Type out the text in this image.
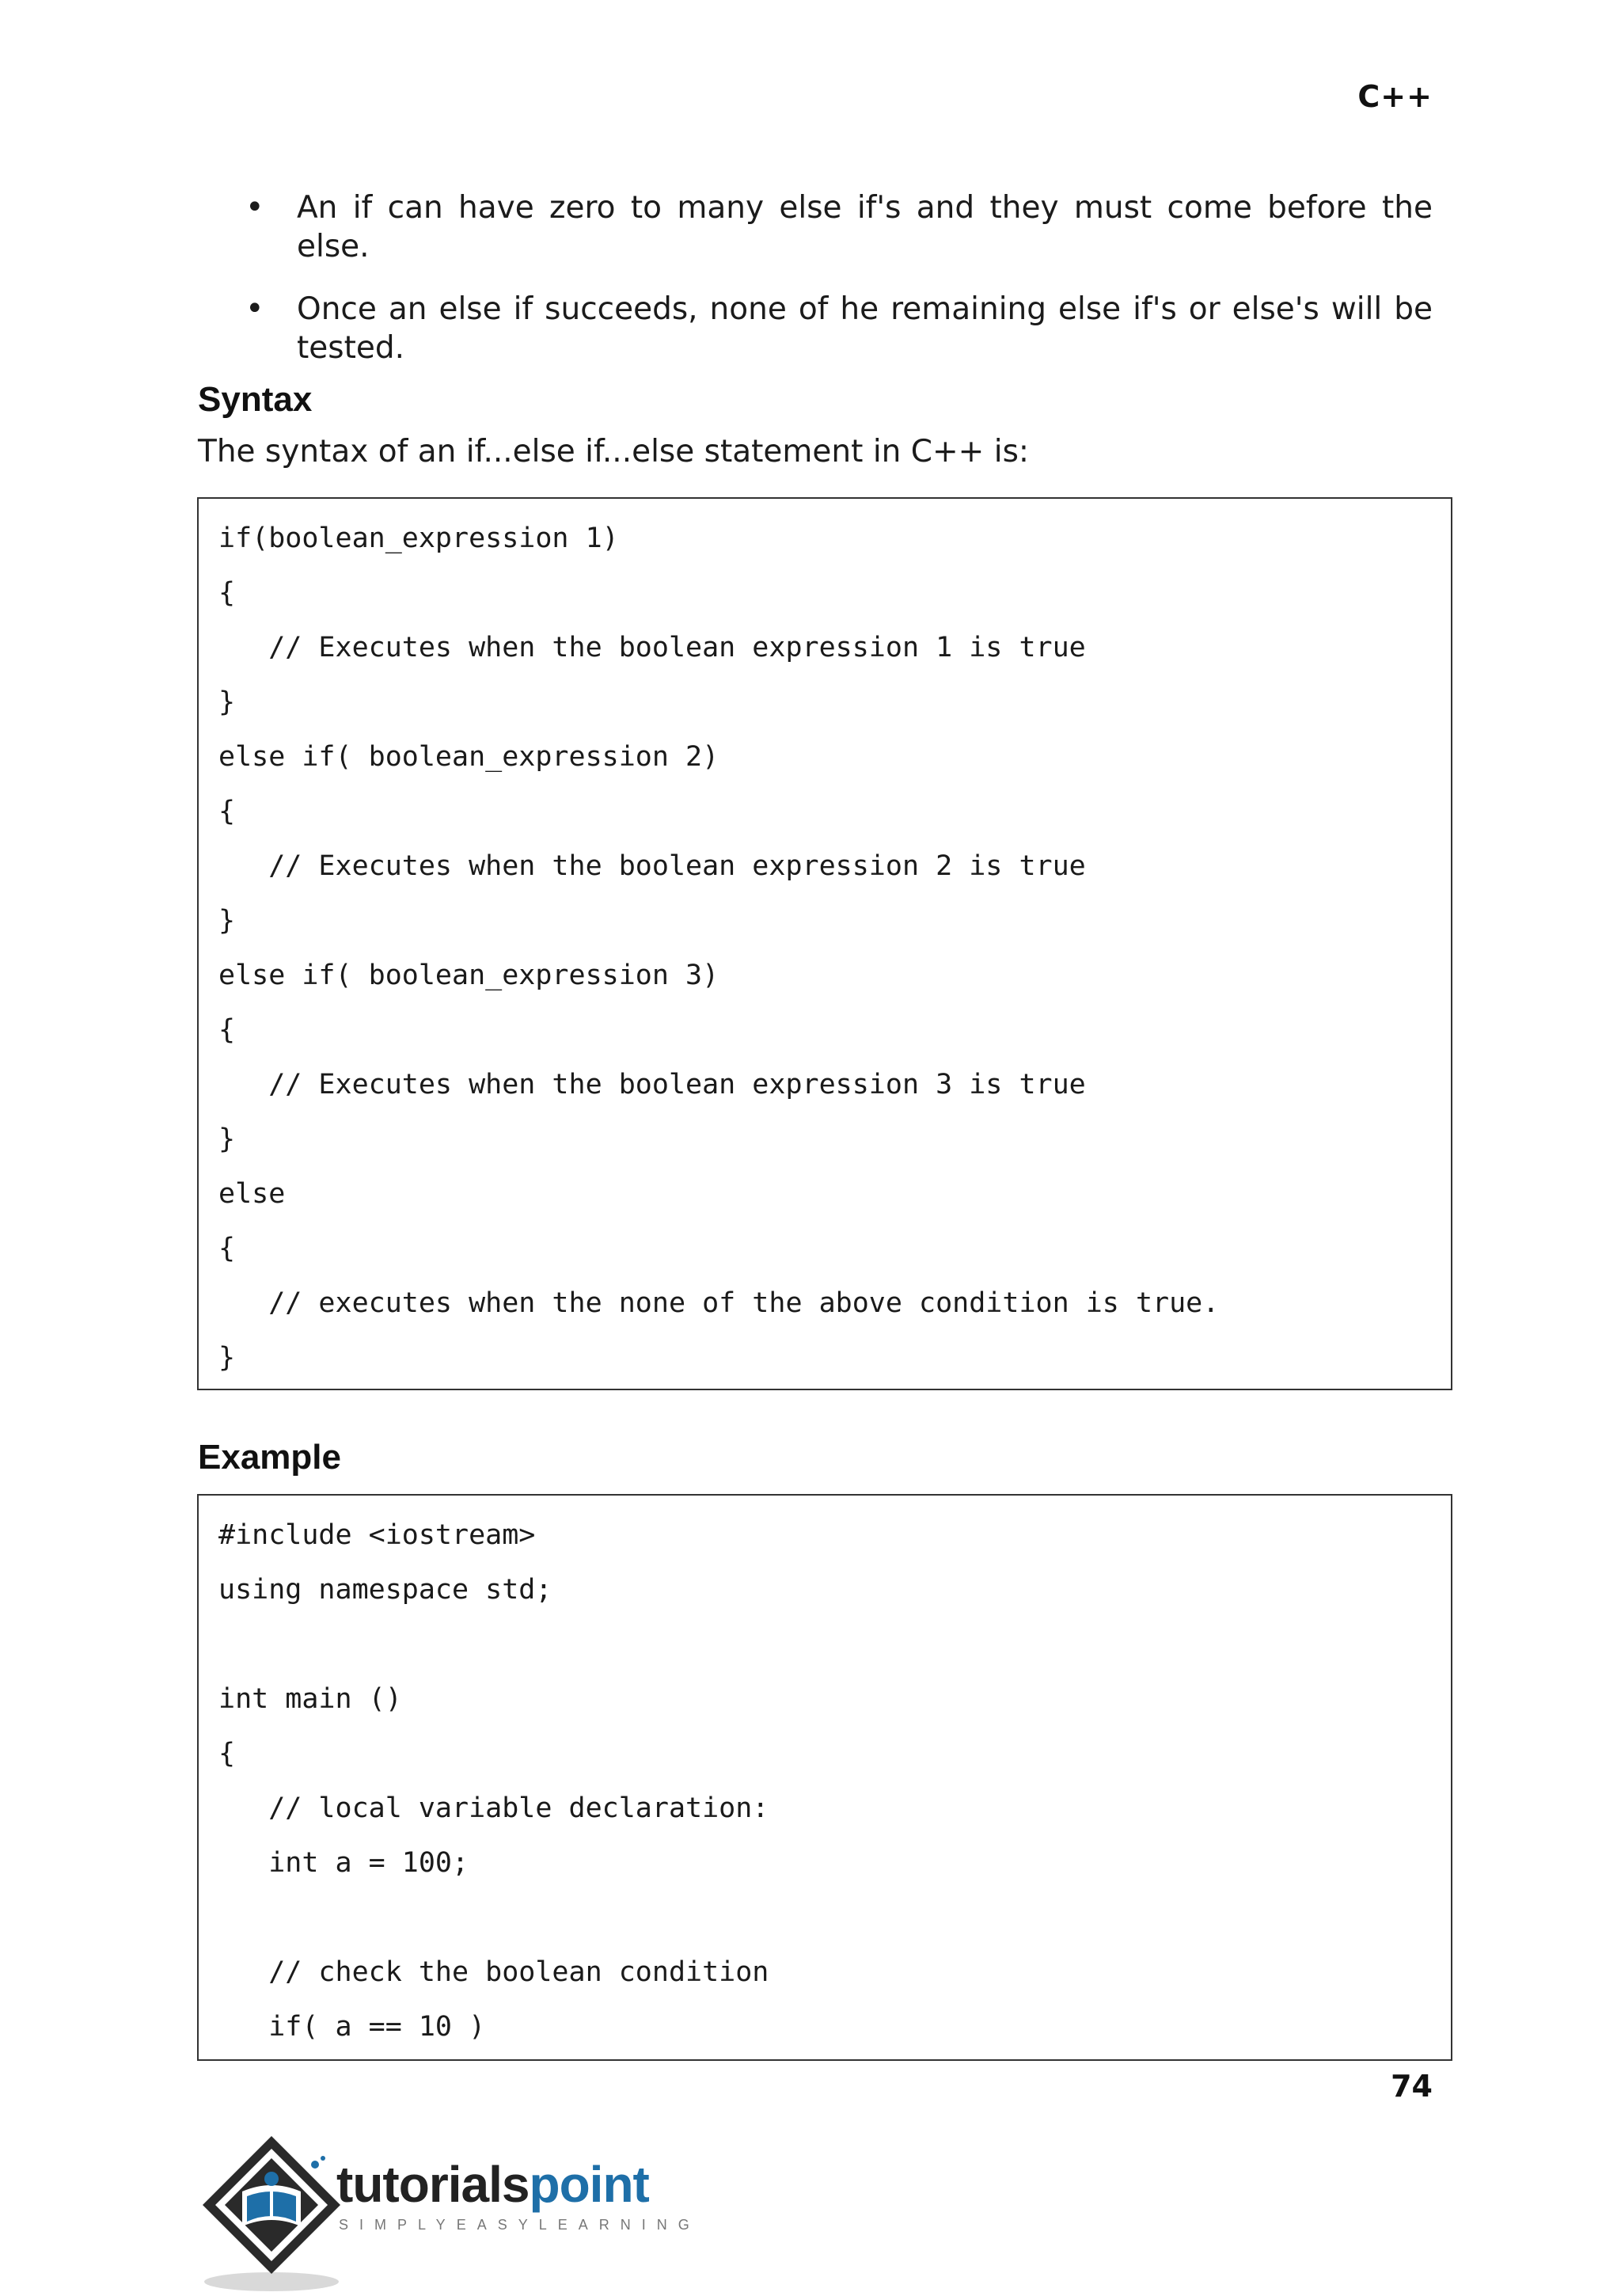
C++
• An if can have zero to many else if's and they must come before the else.
• Once an else if succeeds, none of he remaining else if's or else's will be tested.
Syntax
The syntax of an if...else if...else statement in C++ is:
if(boolean_expression 1)
{
// Executes when the boolean expression 1 is true
}
else if( boolean_expression 2)
{
// Executes when the boolean expression 2 is true
}
else if( boolean_expression 3)
{
// Executes when the boolean expression 3 is true
}
else
{
// executes when the none of the above condition is true.
}
Example
#include <iostream>
using namespace std;
int main ()
{
// local variable declaration:
int a = 100;
// check the boolean condition
if( a == 10 )
74
tutorialspoint
SIMPLYEASYLEARNING
